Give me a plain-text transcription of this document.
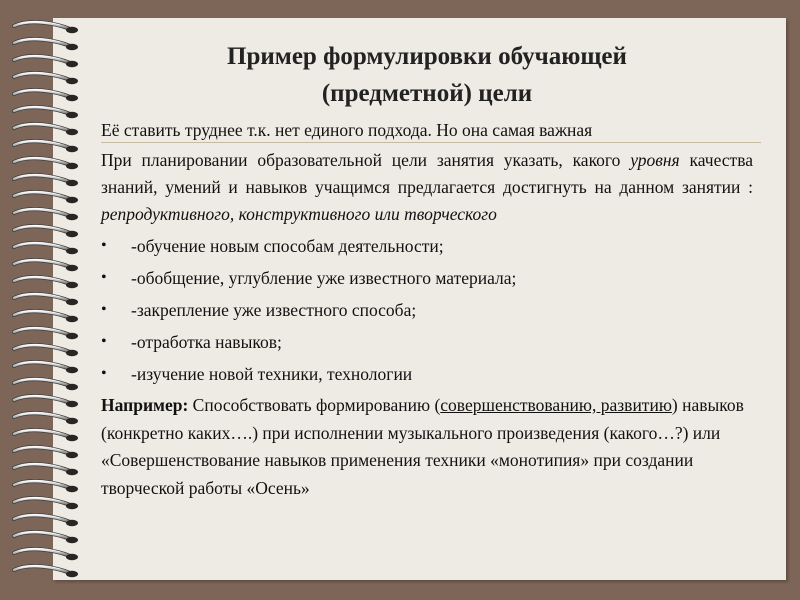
Пример формулировки обучающей
(предметной) цели
Её ставить труднее т.к. нет единого подхода. Но она самая важная
При планировании образовательной цели занятия указать, какого уровня качества знаний, умений и навыков учащимся предлагается достигнуть на данном занятии : репродуктивного, конструктивного или творческого
• -обучение новым способам деятельности;
• -обобщение, углубление уже известного материала;
• -закрепление уже известного способа;
• -отработка навыков;
• -изучение новой техники, технологии
Например: Способствовать формированию (совершенствованию, развитию) навыков (конкретно каких….) при исполнении музыкального произведения (какого…?) или «Совершенствование навыков применения техники «монотипия» при создании творческой работы «Осень»
